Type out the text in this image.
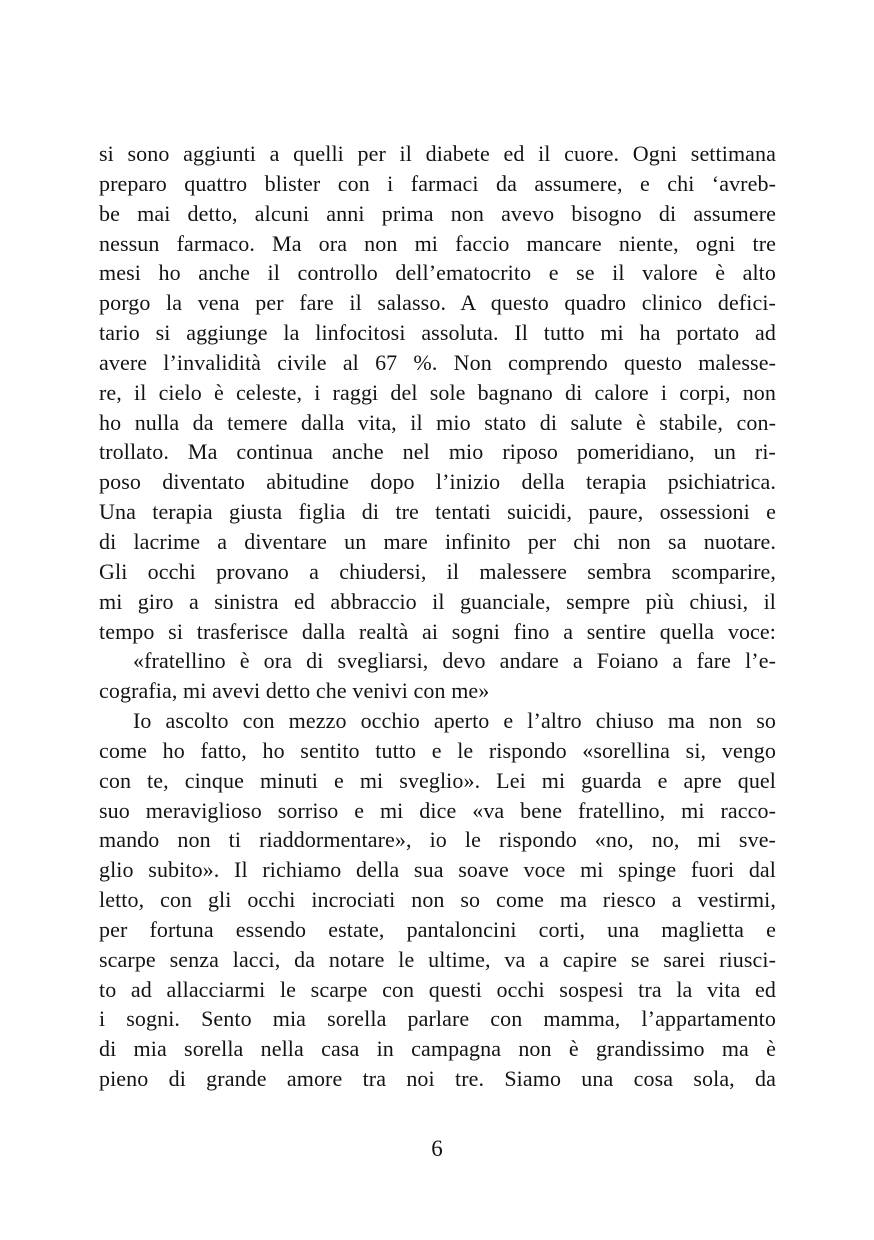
si sono aggiunti a quelli per il diabete ed il cuore. Ogni settimana
preparo quattro blister con i farmaci da assumere, e chi ‘avreb-
be mai detto, alcuni anni prima non avevo bisogno di assumere
nessun farmaco. Ma ora non mi faccio mancare niente, ogni tre
mesi ho anche il controllo dell’ematocrito e se il valore è alto
porgo la vena per fare il salasso. A questo quadro clinico defici-
tario si aggiunge la linfocitosi assoluta. Il tutto mi ha portato ad
avere l’invalidità civile al 67 %. Non comprendo questo malesse-
re, il cielo è celeste, i raggi del sole bagnano di calore i corpi, non
ho nulla da temere dalla vita, il mio stato di salute è stabile, con-
trollato. Ma continua anche nel mio riposo pomeridiano, un ri-
poso diventato abitudine dopo l’inizio della terapia psichiatrica.
Una terapia giusta figlia di tre tentati suicidi, paure, ossessioni e
di lacrime a diventare un mare infinito per chi non sa nuotare.
Gli occhi provano a chiudersi, il malessere sembra scomparire,
mi giro a sinistra ed abbraccio il guanciale, sempre più chiusi, il
tempo si trasferisce dalla realtà ai sogni fino a sentire quella voce:
«fratellino è ora di svegliarsi, devo andare a Foiano a fare l’e-
cografia, mi avevi detto che venivi con me»
Io ascolto con mezzo occhio aperto e l’altro chiuso ma non so
come ho fatto, ho sentito tutto e le rispondo «sorellina si, vengo
con te, cinque minuti e mi sveglio». Lei mi guarda e apre quel
suo meraviglioso sorriso e mi dice «va bene fratellino, mi racco-
mando non ti riaddormentare», io le rispondo «no, no, mi sve-
glio subito». Il richiamo della sua soave voce mi spinge fuori dal
letto, con gli occhi incrociati non so come ma riesco a vestirmi,
per fortuna essendo estate, pantaloncini corti, una maglietta e
scarpe senza lacci, da notare le ultime, va a capire se sarei riusci-
to ad allacciarmi le scarpe con questi occhi sospesi tra la vita ed
i sogni. Sento mia sorella parlare con mamma, l’appartamento
di mia sorella nella casa in campagna non è grandissimo ma è
pieno di grande amore tra noi tre. Siamo una cosa sola, da
6
